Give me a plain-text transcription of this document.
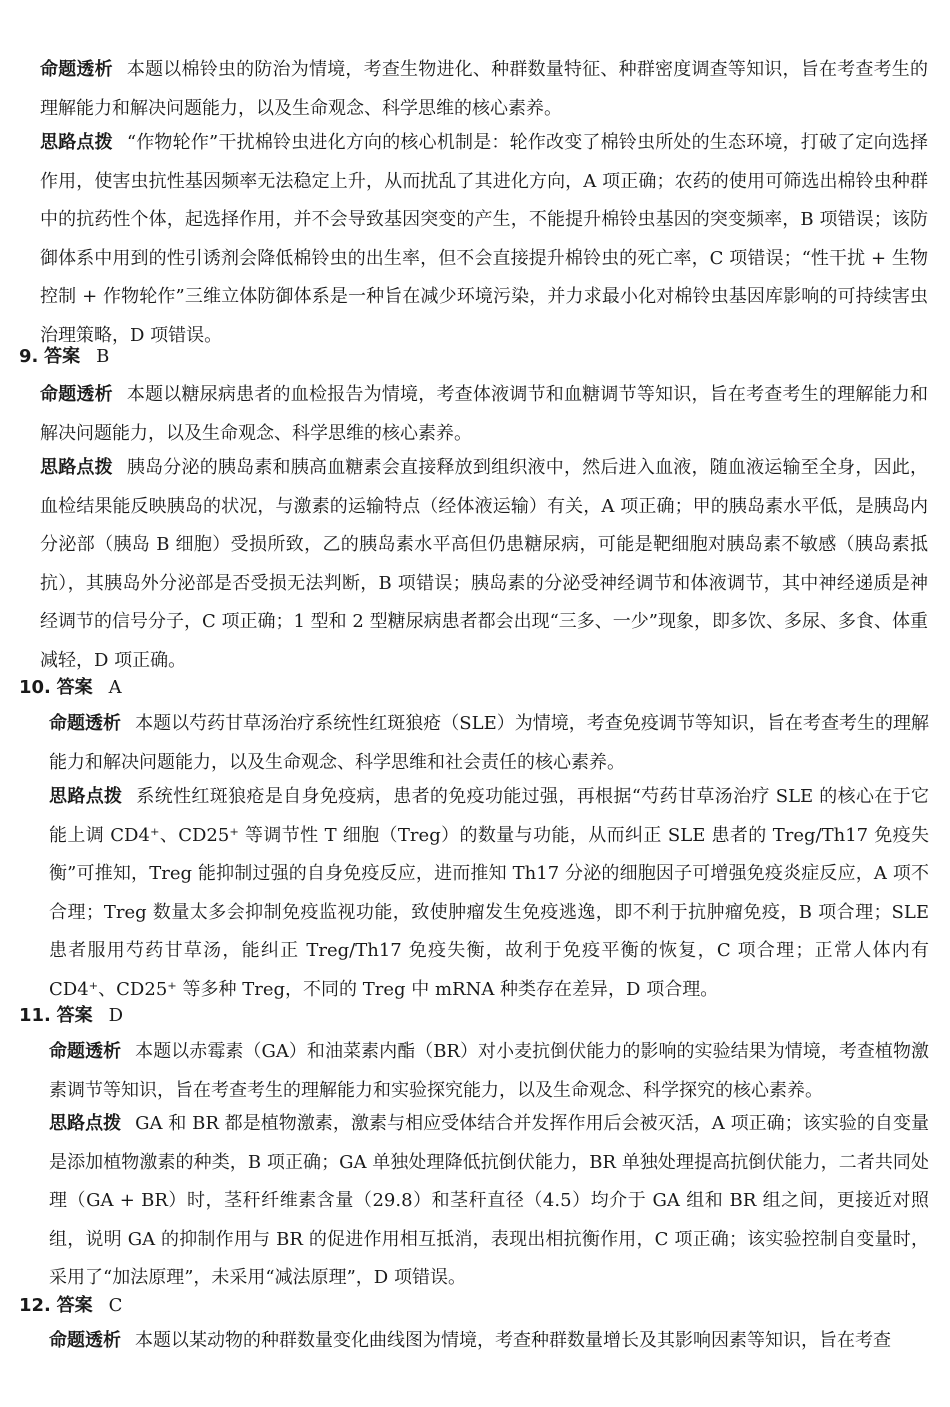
命题透析 本题以棉铃虫的防治为情境，考查生物进化、种群数量特征、种群密度调查等知识，旨在考查考生的理解能力和解决问题能力，以及生命观念、科学思维的核心素养。
思路点拨 “作物轮作”干扰棉铃虫进化方向的核心机制是：轮作改变了棉铃虫所处的生态环境，打破了定向选择作用，使害虫抗性基因频率无法稳定上升，从而扰乱了其进化方向，A 项正确；农药的使用可筛选出棉铃虫种群中的抗药性个体，起选择作用，并不会导致基因突变的产生，不能提升棉铃虫基因的突变频率，B 项错误；该防御体系中用到的性引诱剂会降低棉铃虫的出生率，但不会直接提升棉铃虫的死亡率，C 项错误；“性干扰 + 生物控制 + 作物轮作”三维立体防御体系是一种旨在减少环境污染，并力求最小化对棉铃虫基因库影响的可持续害虫治理策略，D 项错误。
9. 答案 B
命题透析 本题以糖尿病患者的血检报告为情境，考查体液调节和血糖调节等知识，旨在考查考生的理解能力和解决问题能力，以及生命观念、科学思维的核心素养。
思路点拨 胰岛分泌的胰岛素和胰高血糖素会直接释放到组织液中，然后进入血液，随血液运输至全身，因此，血检结果能反映胰岛的状况，与激素的运输特点（经体液运输）有关，A 项正确；甲的胰岛素水平低，是胰岛内分泌部（胰岛 B 细胞）受损所致，乙的胰岛素水平高但仍患糖尿病，可能是靶细胞对胰岛素不敏感（胰岛素抵抗），其胰岛外分泌部是否受损无法判断，B 项错误；胰岛素的分泌受神经调节和体液调节，其中神经递质是神经调节的信号分子，C 项正确；1 型和 2 型糖尿病患者都会出现“三多、一少”现象，即多饮、多尿、多食、体重减轻，D 项正确。
10. 答案 A
命题透析 本题以芍药甘草汤治疗系统性红斑狼疮（SLE）为情境，考查免疫调节等知识，旨在考查考生的理解能力和解决问题能力，以及生命观念、科学思维和社会责任的核心素养。
思路点拨 系统性红斑狼疮是自身免疫病，患者的免疫功能过强，再根据“芍药甘草汤治疗 SLE 的核心在于它能上调 CD4⁺、CD25⁺ 等调节性 T 细胞（Treg）的数量与功能，从而纠正 SLE 患者的 Treg/Th17 免疫失衡”可推知，Treg 能抑制过强的自身免疫反应，进而推知 Th17 分泌的细胞因子可增强免疫炎症反应，A 项不合理；Treg 数量太多会抑制免疫监视功能，致使肿瘤发生免疫逃逸，即不利于抗肿瘤免疫，B 项合理；SLE 患者服用芍药甘草汤，能纠正 Treg/Th17 免疫失衡，故利于免疫平衡的恢复，C 项合理；正常人体内有 CD4⁺、CD25⁺ 等多种 Treg，不同的 Treg 中 mRNA 种类存在差异，D 项合理。
11. 答案 D
命题透析 本题以赤霉素（GA）和油菜素内酯（BR）对小麦抗倒伏能力的影响的实验结果为情境，考查植物激素调节等知识，旨在考查考生的理解能力和实验探究能力，以及生命观念、科学探究的核心素养。
思路点拨 GA 和 BR 都是植物激素，激素与相应受体结合并发挥作用后会被灭活，A 项正确；该实验的自变量是添加植物激素的种类，B 项正确；GA 单独处理降低抗倒伏能力，BR 单独处理提高抗倒伏能力，二者共同处理（GA + BR）时，茎秆纤维素含量（29.8）和茎秆直径（4.5）均介于 GA 组和 BR 组之间，更接近对照组，说明 GA 的抑制作用与 BR 的促进作用相互抵消，表现出相抗衡作用，C 项正确；该实验控制自变量时，采用了“加法原理”，未采用“减法原理”，D 项错误。
12. 答案 C
命题透析 本题以某动物的种群数量变化曲线图为情境，考查种群数量增长及其影响因素等知识，旨在考查
